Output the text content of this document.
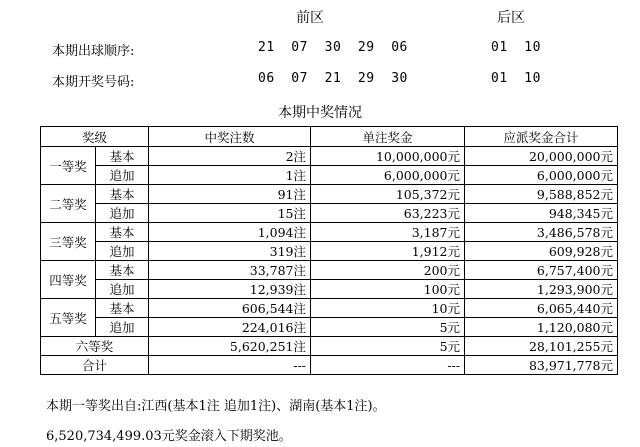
前区	后区
本期出球顺序:	21  07  30  29  06	01  10
本期开奖号码:	06  07  21  29  30	01  10
本期中奖情况
奖级		中奖注数	单注奖金	应派奖金合计
一等奖	基本	2注	10,000,000元	20,000,000元
	追加	1注	6,000,000元	6,000,000元
二等奖	基本	91注	105,372元	9,588,852元
	追加	15注	63,223元	948,345元
三等奖	基本	1,094注	3,187元	3,486,578元
	追加	319注	1,912元	609,928元
四等奖	基本	33,787注	200元	6,757,400元
	追加	12,939注	100元	1,293,900元
五等奖	基本	606,544注	10元	6,065,440元
	追加	224,016注	5元	1,120,080元
六等奖		5,620,251注	5元	28,101,255元
合计		---	---	83,971,778元
本期一等奖出自:江西(基本1注 追加1注)、湖南(基本1注)。
6,520,734,499.03元奖金滚入下期奖池。
